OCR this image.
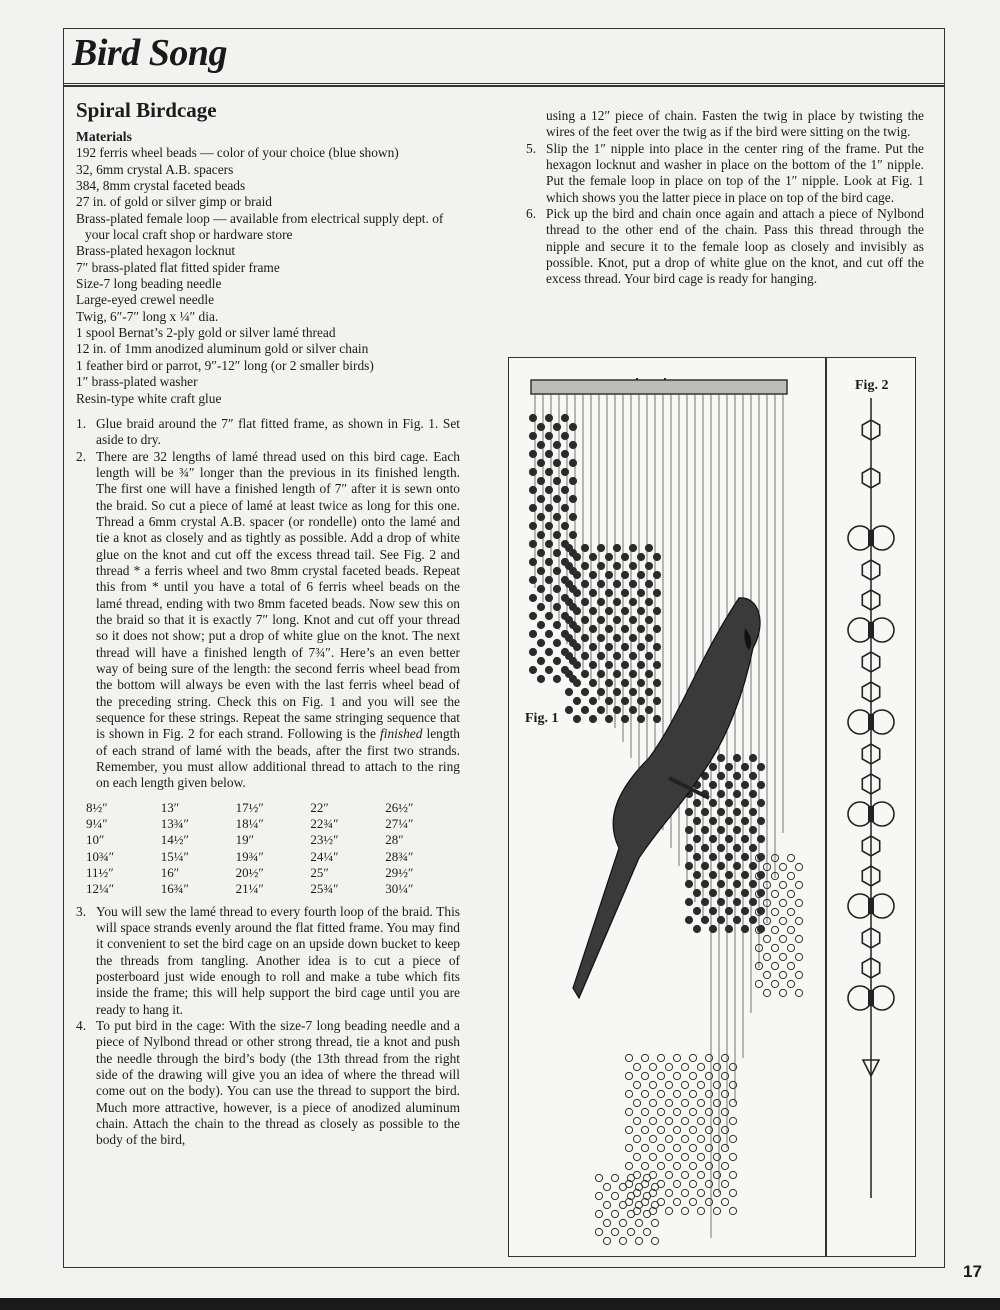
Bird Song
Spiral Birdcage
Materials
192 ferris wheel beads — color of your choice (blue shown)
32, 6mm crystal A.B. spacers
384, 8mm crystal faceted beads
27 in. of gold or silver gimp or braid
Brass-plated female loop — available from electrical supply dept. of your local craft shop or hardware store
Brass-plated hexagon locknut
7″ brass-plated flat fitted spider frame
Size-7 long beading needle
Large-eyed crewel needle
Twig, 6″-7″ long x ¼″ dia.
1 spool Bernat’s 2-ply gold or silver lamé thread
12 in. of 1mm anodized aluminum gold or silver chain
1 feather bird or parrot, 9″-12″ long (or 2 smaller birds)
1″ brass-plated washer
Resin-type white craft glue
1. Glue braid around the 7″ flat fitted frame, as shown in Fig. 1. Set aside to dry.
2. There are 32 lengths of lamé thread used on this bird cage. Each length will be ¾″ longer than the previous in its finished length. The first one will have a finished length of 7″ after it is sewn onto the braid. So cut a piece of lamé at least twice as long for this one. Thread a 6mm crystal A.B. spacer (or rondelle) onto the lamé and tie a knot as closely and as tightly as possible. Add a drop of white glue on the knot and cut off the excess thread tail. See Fig. 2 and thread * a ferris wheel and two 8mm crystal faceted beads. Repeat this from * until you have a total of 6 ferris wheel beads on the lamé thread, ending with two 8mm faceted beads. Now sew this on the braid so that it is exactly 7″ long. Knot and cut off your thread so it does not show; put a drop of white glue on the knot. The next thread will have a finished length of 7¾″. Here’s an even better way of being sure of the length: the second ferris wheel bead from the bottom will always be even with the last ferris wheel bead of the preceding string. Check this on Fig. 1 and you will see the sequence for these strings. Repeat the same stringing sequence that is shown in Fig. 2 for each strand. Following is the finished length of each strand of lamé with the beads, after the first two strands. Remember, you must allow additional thread to attach to the ring on each length given below.
8½″	13″	17½″	22″	26½″
9¼″	13¾″	18¼″	22¾″	27¼″
10″	14½″	19″	23½″	28″
10¾″	15¼″	19¾″	24¼″	28¾″
11½″	16″	20½″	25″	29½″
12¼″	16¾″	21¼″	25¾″	30¼″
3. You will sew the lamé thread to every fourth loop of the braid. This will space strands evenly around the flat fitted frame. You may find it convenient to set the bird cage on an upside down bucket to keep the threads from tangling. Another idea is to cut a piece of posterboard just wide enough to roll and make a tube which fits inside the frame; this will help support the bird cage until you are ready to hang it.
4. To put bird in the cage: With the size-7 long beading needle and a piece of Nylbond thread or other strong thread, tie a knot and push the needle through the bird’s body (the 13th thread from the right side of the drawing will give you an idea of where the thread will come out on the body). You can use the thread to support the bird. Much more attractive, however, is a piece of anodized aluminum chain. Attach the chain to the thread as closely as possible to the body of the bird,
using a 12″ piece of chain. Fasten the twig in place by twisting the wires of the feet over the twig as if the bird were sitting on the twig.
5. Slip the 1″ nipple into place in the center ring of the frame. Put the hexagon locknut and washer in place on the bottom of the 1″ nipple. Put the female loop in place on top of the 1″ nipple. Look at Fig. 1 which shows you the latter piece in place on top of the bird cage.
6. Pick up the bird and chain once again and attach a piece of Nylbond thread to the other end of the chain. Pass this thread through the nipple and secure it to the female loop as closely and invisibly as possible. Knot, put a drop of white glue on the knot, and cut off the excess thread. Your bird cage is ready for hanging.
Fig. 1
Fig. 2
17
